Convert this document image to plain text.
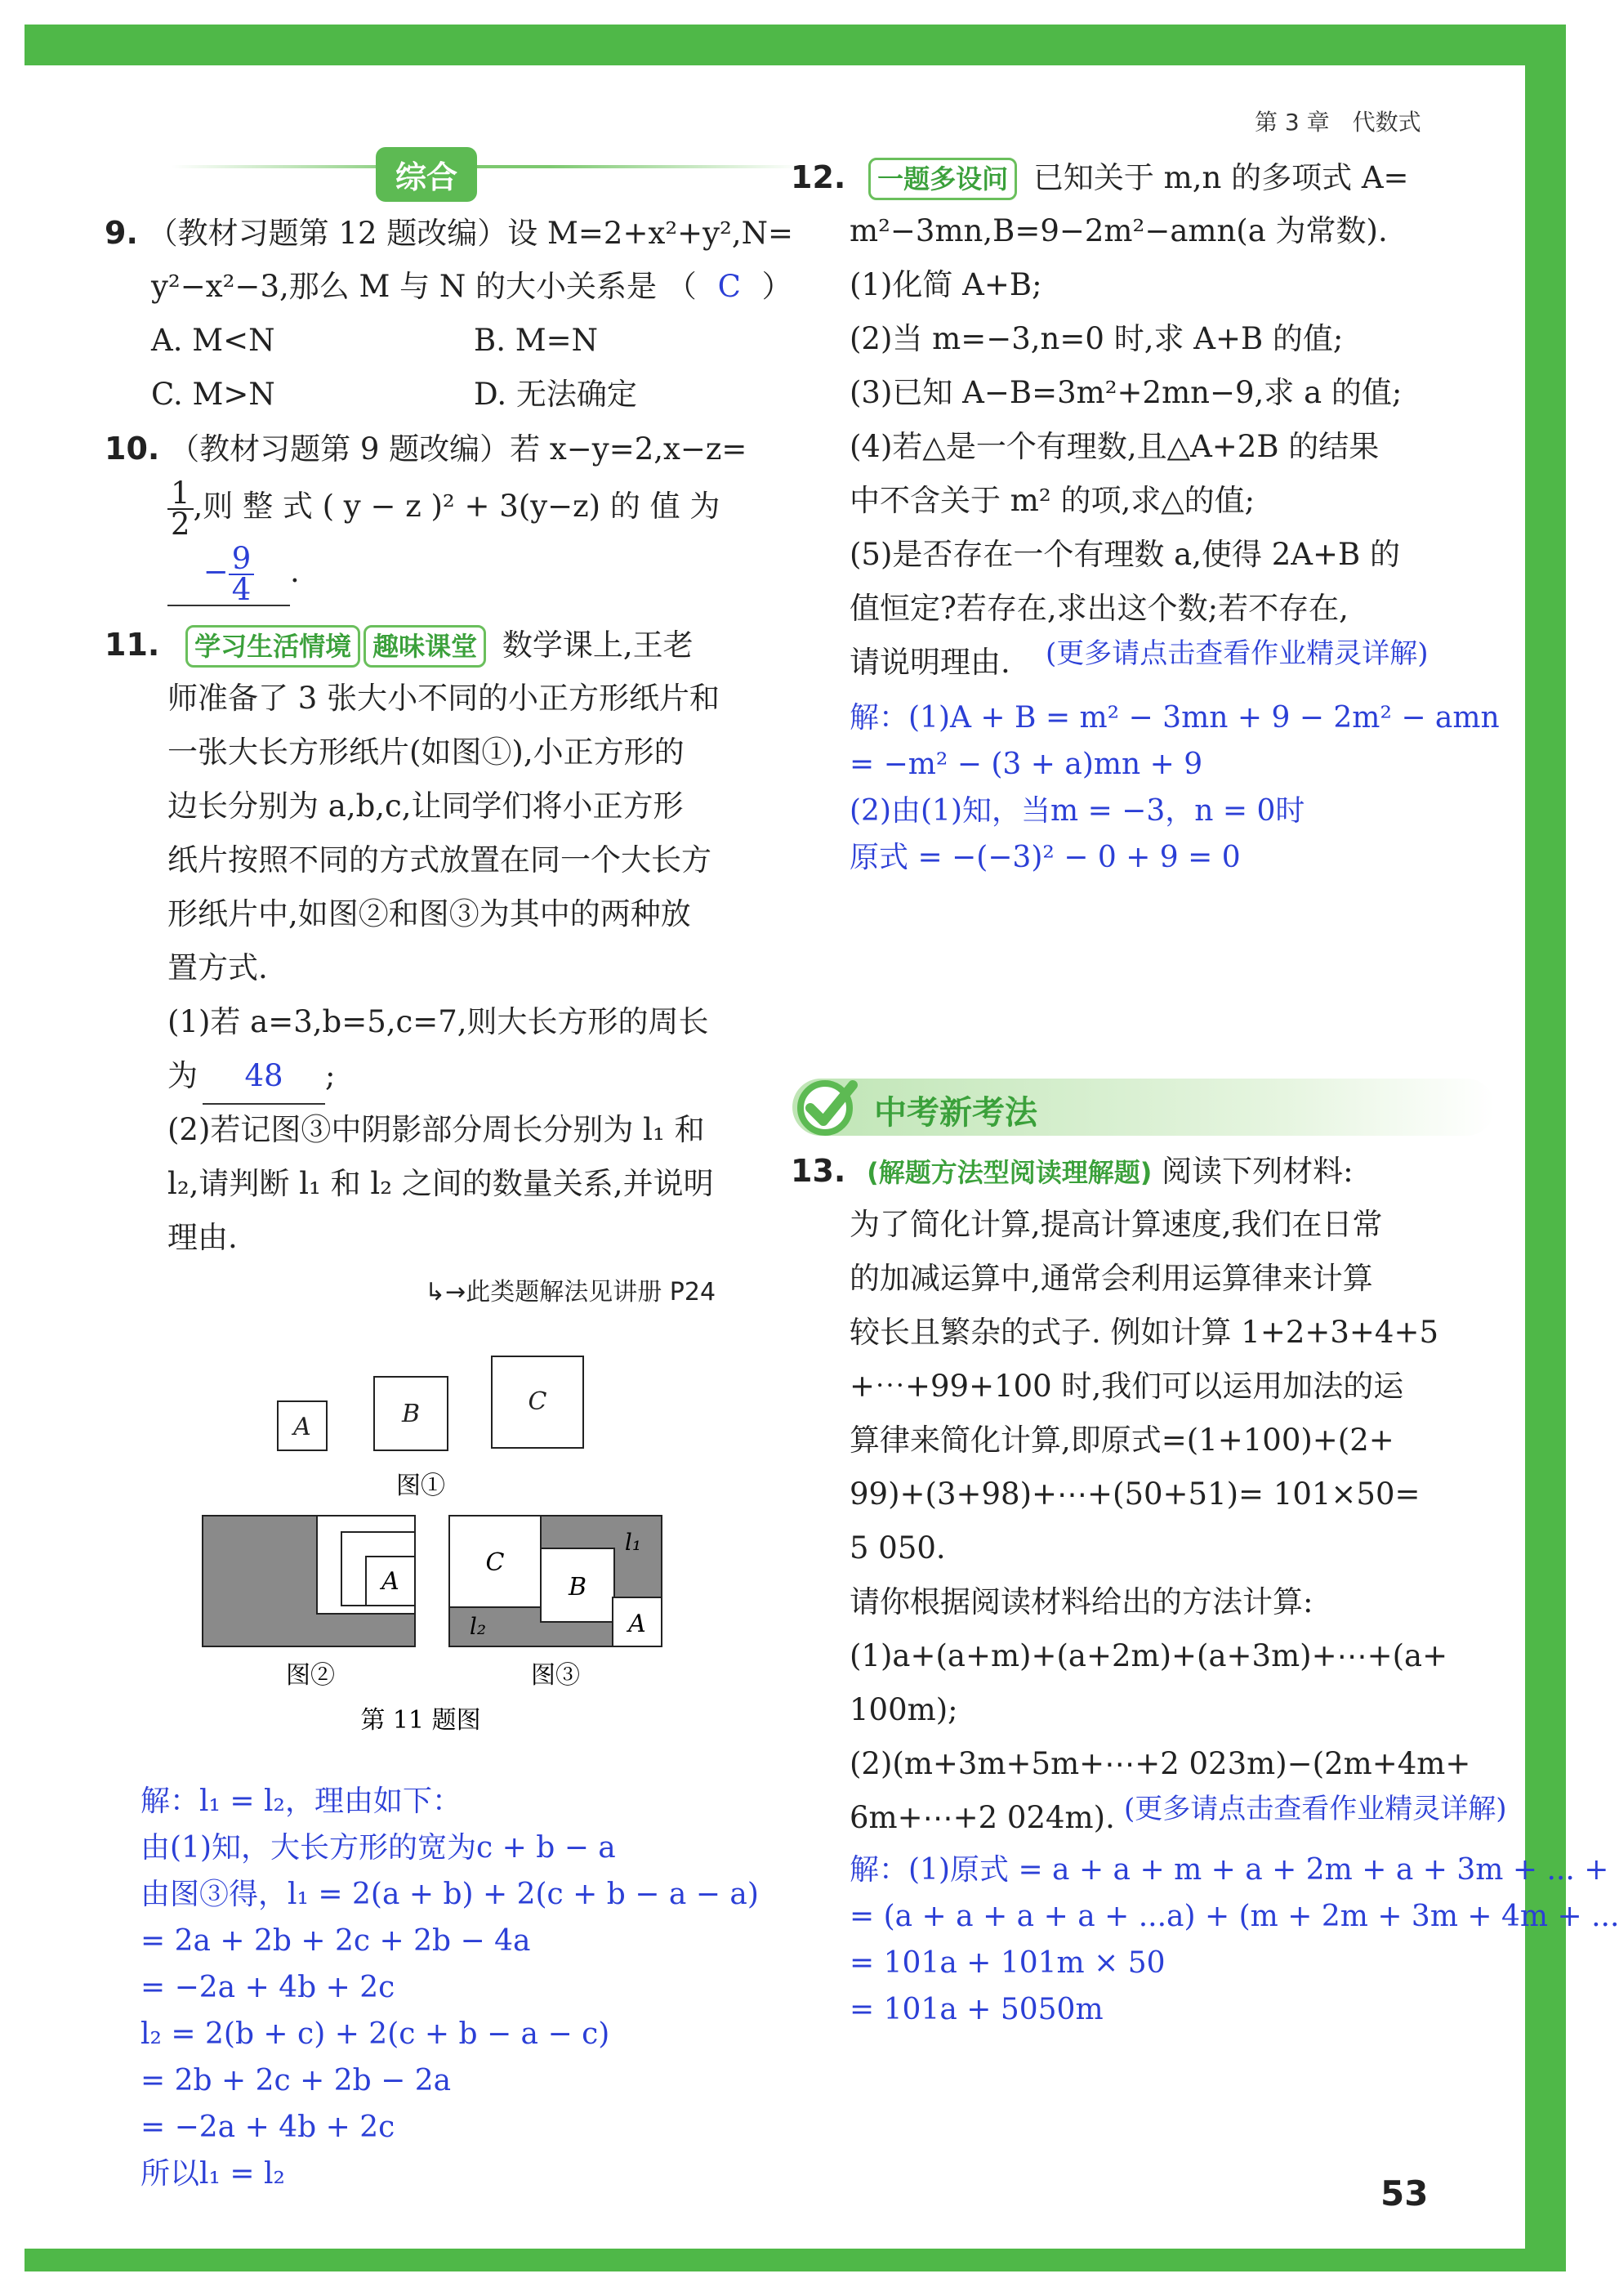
第 3 章　代数式
综合
9. （教材习题第 12 题改编）设 M=2+x²+y²,N=
y²−x²−3,那么 M 与 N 的大小关系是 （ C ）
A. M<N	B. M=N
C. M>N	D. 无法确定
10. （教材习题第 9 题改编）若 x−y=2,x−z=
$\frac{1}{2}$ ,则 整 式 ( y − z )² + 3(y−z) 的 值 为
− $\frac{9}{4}$ .
11. 学习生活情境 趣味课堂 数学课上,王老
师准备了 3 张大小不同的小正方形纸片和
一张大长方形纸片(如图①),小正方形的
边长分别为 a,b,c,让同学们将小正方形
纸片按照不同的方式放置在同一个大长方
形纸片中,如图②和图③为其中的两种放
置方式.
(1)若 a=3,b=5,c=7,则大长方形的周长
为 48 ;
(2)若记图③中阴影部分周长分别为 l₁ 和
l₂,请判断 l₁ 和 l₂ 之间的数量关系,并说明
理由.
↳→此类题解法见讲册 P24
A	B	C
图①
A
图②
C
B
A
l₁
l₂
图③
第 11 题图
解：l₁ = l₂，理由如下：
由(1)知，大长方形的宽为c + b − a
由图③得，l₁ = 2(a + b) + 2(c + b − a − a)
= 2a + 2b + 2c + 2b − 4a
= −2a + 4b + 2c
l₂ = 2(b + c) + 2(c + b − a − c)
= 2b + 2c + 2b − 2a
= −2a + 4b + 2c
所以l₁ = l₂
12. 一题多设问 已知关于 m,n 的多项式 A=
m²−3mn,B=9−2m²−amn(a 为常数).
(1)化简 A+B;
(2)当 m=−3,n=0 时,求 A+B 的值;
(3)已知 A−B=3m²+2mn−9,求 a 的值;
(4)若△是一个有理数,且△A+2B 的结果
中不含关于 m² 的项,求△的值;
(5)是否存在一个有理数 a,使得 2A+B 的
值恒定?若存在,求出这个数;若不存在,
请说明理由. (更多请点击查看作业精灵详解)
解：(1)A + B = m² − 3mn + 9 − 2m² − amn
= −m² − (3 + a)mn + 9
(2)由(1)知，当m = −3，n = 0时
原式 = −(−3)² − 0 + 9 = 0
中考新考法
13. (解题方法型阅读理解题) 阅读下列材料:
为了简化计算,提高计算速度,我们在日常
的加减运算中,通常会利用运算律来计算
较长且繁杂的式子. 例如计算 1+2+3+4+5
+⋯+99+100 时,我们可以运用加法的运
算律来简化计算,即原式=(1+100)+(2+
99)+(3+98)+⋯+(50+51)= 101×50=
5 050.
请你根据阅读材料给出的方法计算:
(1)a+(a+m)+(a+2m)+(a+3m)+⋯+(a+
100m);
(2)(m+3m+5m+⋯+2 023m)−(2m+4m+
6m+⋯+2 024m). (更多请点击查看作业精灵详解)
解：(1)原式 = a + a + m + a + 2m + a + 3m + ... +
= (a + a + a + a + ...a) + (m + 2m + 3m + 4m + ...
= 101a + 101m × 50
= 101a + 5050m
53
